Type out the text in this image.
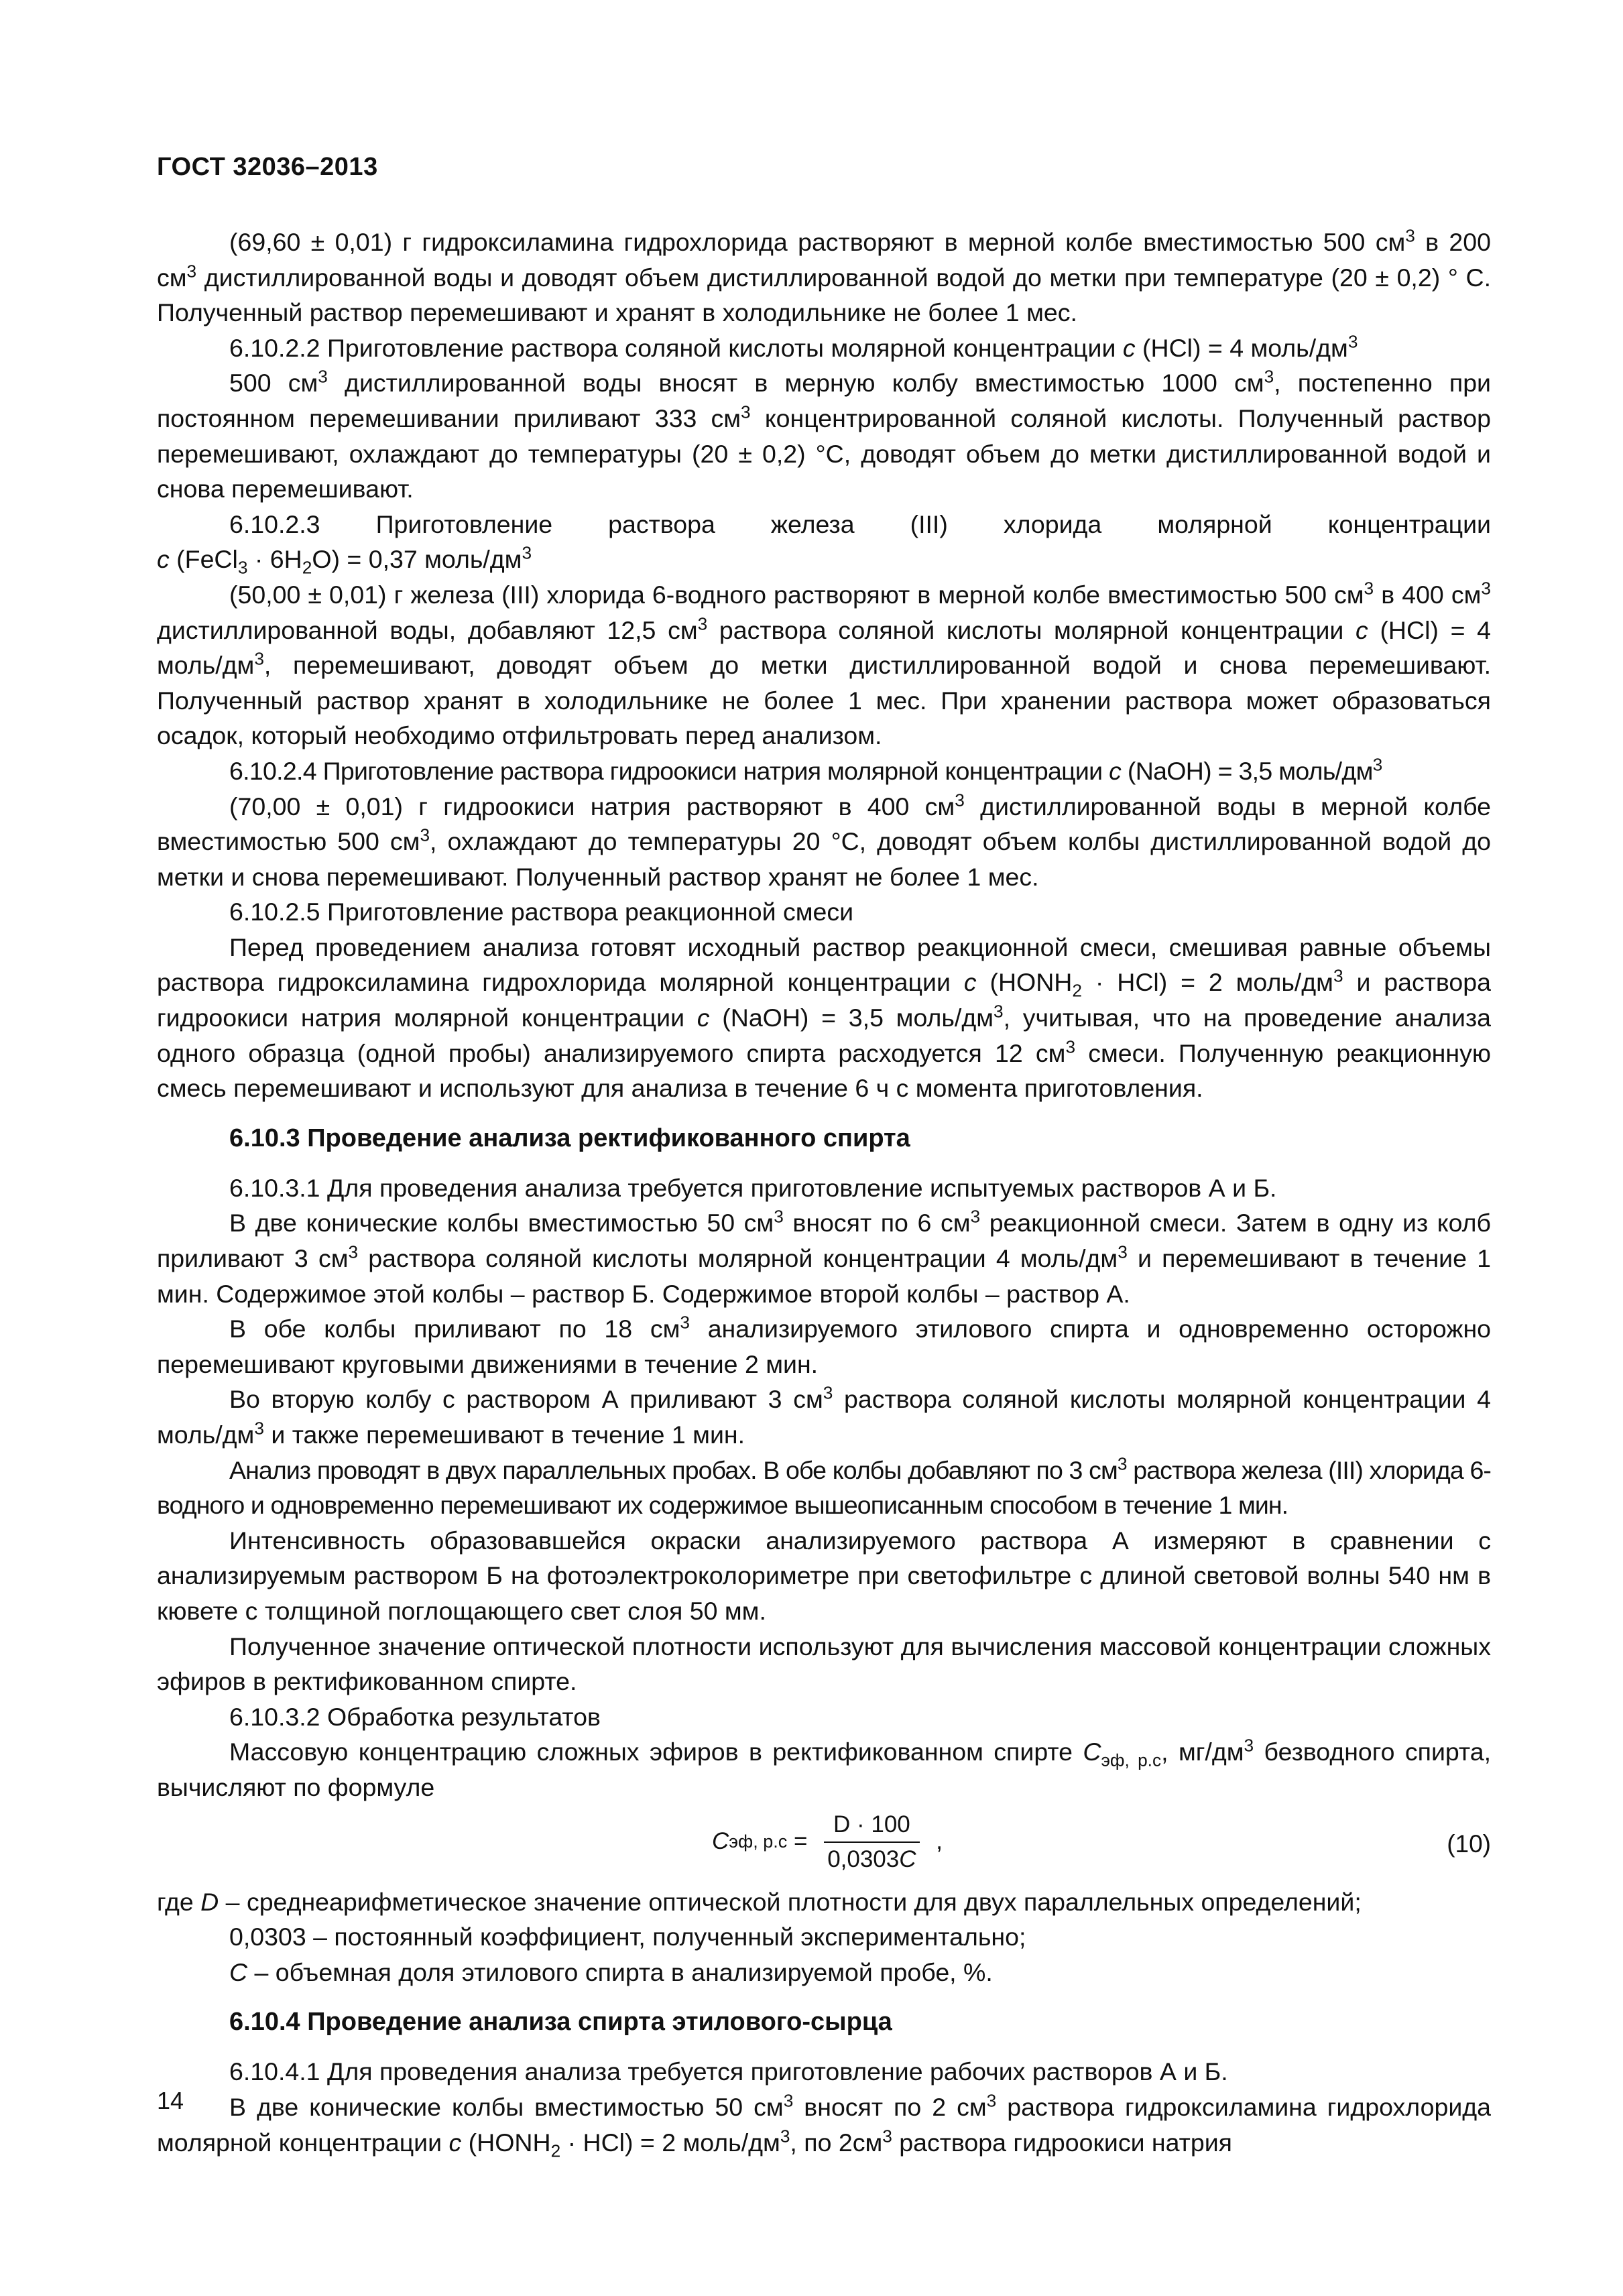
ГОСТ 32036–2013

(69,60 ± 0,01) г гидроксиламина гидрохлорида растворяют в мерной колбе вместимостью 500 $см^3$ в 200 $см^3$ дистиллированной воды и доводят объем дистиллированной водой до метки при температуре (20 ± 0,2) ° С. Полученный раствор перемешивают и хранят в холодильнике не более 1 мес.

6.10.2.2 Приготовление раствора соляной кислоты молярной концентрации c (HCl) = 4 моль/$дм^3$

500 $см^3$ дистиллированной воды вносят в мерную колбу вместимостью 1000 $см^3$, постепенно при постоянном перемешивании приливают 333 $см^3$ концентрированной соляной кислоты. Полученный раствор перемешивают, охлаждают до температуры (20 ± 0,2) °С, доводят объем до метки дистиллированной водой и снова перемешивают.

6.10.2.3 Приготовление раствора железа (III) хлорида молярной концентрации

c (FeCl$_3$ · $6H_2O) = 0,37$ моль/$дм^3$

(50,00 ± 0,01) г железа (III) хлорида 6-водного растворяют в мерной колбе вместимостью 500 $см^3$ в 400 $см^3$ дистиллированной воды, добавляют 12,5 $см^3$ раствора соляной кислоты молярной концентрации c (HCl) = 4 моль/$дм^3$, перемешивают, доводят объем до метки дистиллированной водой и снова перемешивают. Полученный раствор хранят в холодильнике не более 1 мес. При хранении раствора может образоваться осадок, который необходимо отфильтровать перед анализом.

6.10.2.4 Приготовление раствора гидроокиси натрия молярной концентрации c (NaOH) = 3,5 моль/$дм^3$

(70,00 ± 0,01) г гидроокиси натрия растворяют в 400 $см^3$ дистиллированной воды в мерной колбе вместимостью 500 $см^3$, охлаждают до температуры 20 °С, доводят объем колбы дистиллированной водой до метки и снова перемешивают. Полученный раствор хранят не более 1 мес.

6.10.2.5 Приготовление раствора реакционной смеси

Перед проведением анализа готовят исходный раствор реакционной смеси, смешивая равные объемы раствора гидроксиламина гидрохлорида молярной концентрации c $(HONH_2 \cdot HCl) = 2$ моль/$дм^3$ и раствора гидроокиси натрия молярной концентрации c (NaOH) = 3,5 моль/$дм^3$, учитывая, что на проведение анализа одного образца (одной пробы) анализируемого спирта расходуется 12 $см^3$ смеси. Полученную реакционную смесь перемешивают и используют для анализа в течение 6 ч с момента приготовления.

6.10.3 Проведение анализа ректификованного спирта

6.10.3.1 Для проведения анализа требуется приготовление испытуемых растворов А и Б.

В две конические колбы вместимостью 50 $см^3$ вносят по 6 $см^3$ реакционной смеси. Затем в одну из колб приливают 3 $см^3$ раствора соляной кислоты молярной концентрации 4 моль/$дм^3$ и перемешивают в течение 1 мин. Содержимое этой колбы – раствор Б. Содержимое второй колбы – раствор А.

В обе колбы приливают по 18 $см^3$ анализируемого этилового спирта и одновременно осторожно перемешивают круговыми движениями в течение 2 мин.

Во вторую колбу с раствором А приливают 3 $см^3$ раствора соляной кислоты молярной концентрации 4 моль/$дм^3$ и также перемешивают в течение 1 мин.

Анализ проводят в двух параллельных пробах. В обе колбы добавляют по 3 $см^3$ раствора железа (III) хлорида 6-водного и одновременно перемешивают их содержимое вышеописанным способом в течение 1 мин.

Интенсивность образовавшейся окраски анализируемого раствора А измеряют в сравнении с анализируемым раствором Б на фотоэлектроколориметре при светофильтре с длиной световой волны 540 нм в кювете с толщиной поглощающего свет слоя 50 мм.

Полученное значение оптической плотности используют для вычисления массовой концентрации сложных эфиров в ректификованном спирте.

6.10.3.2 Обработка результатов

Массовую концентрацию сложных эфиров в ректификованном спирте $C_{эф, р.с}$, $мг/дм^3$ безводного спирта, вычисляют по формуле

C эф, $р.с = \frac{D \cdot 100}{0,0303C}$ ,	(10)

где D – среднеарифметическое значение оптической плотности для двух параллельных определений;

0,0303 – постоянный коэффициент, полученный экспериментально;

C – объемная доля этилового спирта в анализируемой пробе, %.

6.10.4 Проведение анализа спирта этилового-сырца

6.10.4.1 Для проведения анализа требуется приготовление рабочих растворов А и Б.

В две конические колбы вместимостью 50 $см^3$ вносят по 2 $см^3$ раствора гидроксиламина гидрохлорида молярной концентрации c $(HONH_2 \cdot HCl) = 2$ моль/$дм^3$, по $2см^3$ раствора гидроокиси натрия

14
